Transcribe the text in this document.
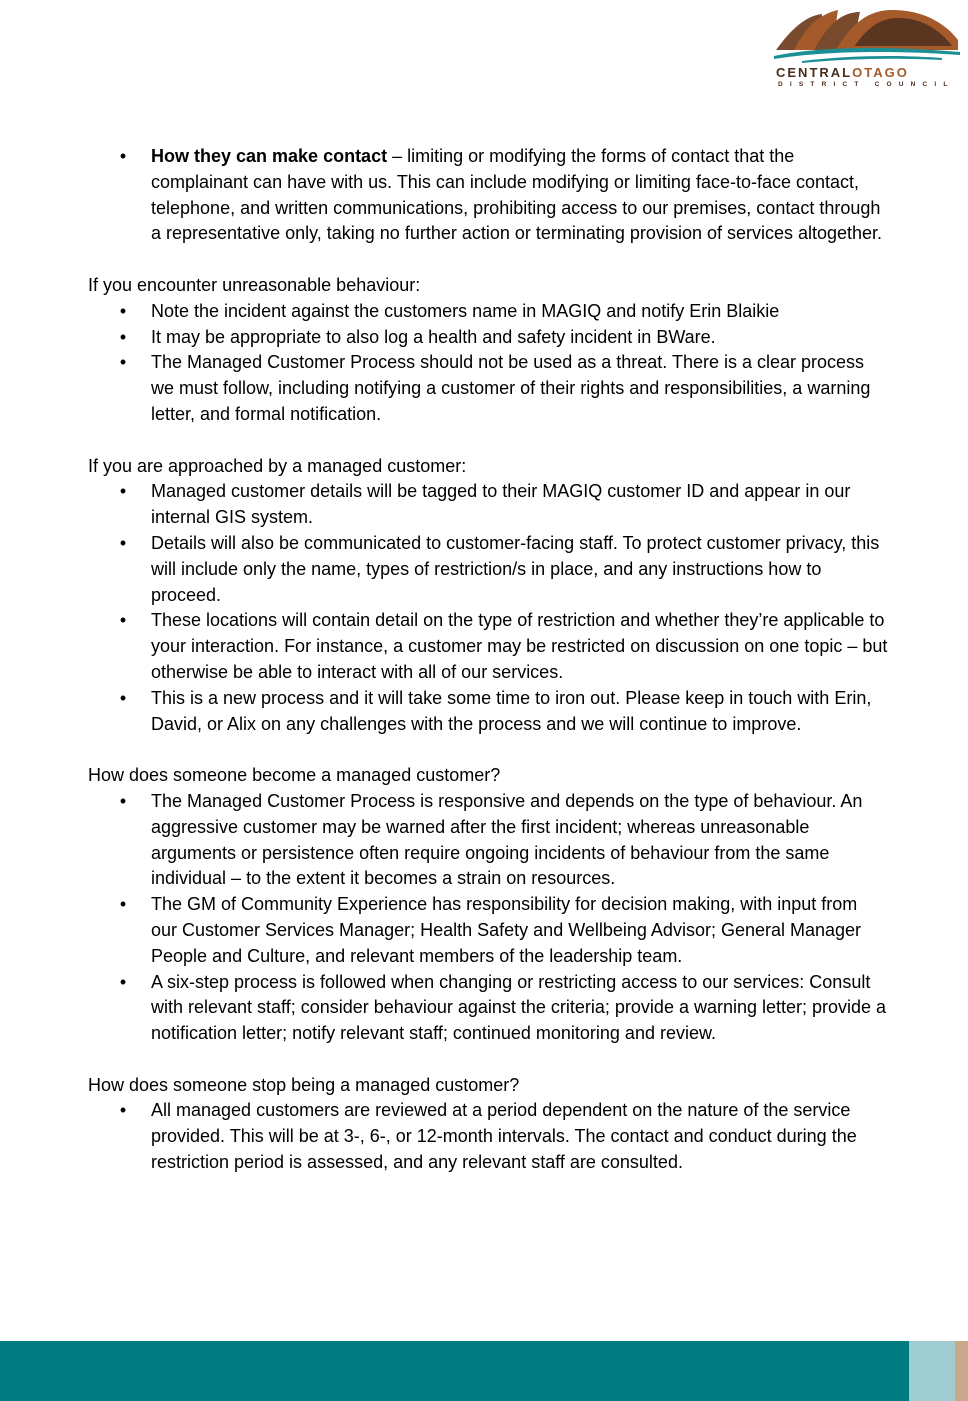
CENTRALOTAGO
DISTRICT COUNCIL
• How they can make contact – limiting or modifying the forms of contact that the complainant can have with us. This can include modifying or limiting face-to-face contact, telephone, and written communications, prohibiting access to our premises, contact through a representative only, taking no further action or terminating provision of services altogether.

If you encounter unreasonable behaviour:

• Note the incident against the customers name in MAGIQ and notify Erin Blaikie
• It may be appropriate to also log a health and safety incident in BWare.
• The Managed Customer Process should not be used as a threat. There is a clear process we must follow, including notifying a customer of their rights and responsibilities, a warning letter, and formal notification.

If you are approached by a managed customer:

• Managed customer details will be tagged to their MAGIQ customer ID and appear in our internal GIS system.
• Details will also be communicated to customer-facing staff. To protect customer privacy, this will include only the name, types of restriction/s in place, and any instructions how to proceed.
• These locations will contain detail on the type of restriction and whether they’re applicable to your interaction. For instance, a customer may be restricted on discussion on one topic – but otherwise be able to interact with all of our services.
• This is a new process and it will take some time to iron out. Please keep in touch with Erin, David, or Alix on any challenges with the process and we will continue to improve.

How does someone become a managed customer?

• The Managed Customer Process is responsive and depends on the type of behaviour. An aggressive customer may be warned after the first incident; whereas unreasonable arguments or persistence often require ongoing incidents of behaviour from the same individual – to the extent it becomes a strain on resources.
• The GM of Community Experience has responsibility for decision making, with input from our Customer Services Manager; Health Safety and Wellbeing Advisor; General Manager People and Culture, and relevant members of the leadership team.
• A six-step process is followed when changing or restricting access to our services: Consult with relevant staff; consider behaviour against the criteria; provide a warning letter; provide a notification letter; notify relevant staff; continued monitoring and review.

How does someone stop being a managed customer?

• All managed customers are reviewed at a period dependent on the nature of the service provided. This will be at 3-, 6-, or 12-month intervals. The contact and conduct during the restriction period is assessed, and any relevant staff are consulted.
